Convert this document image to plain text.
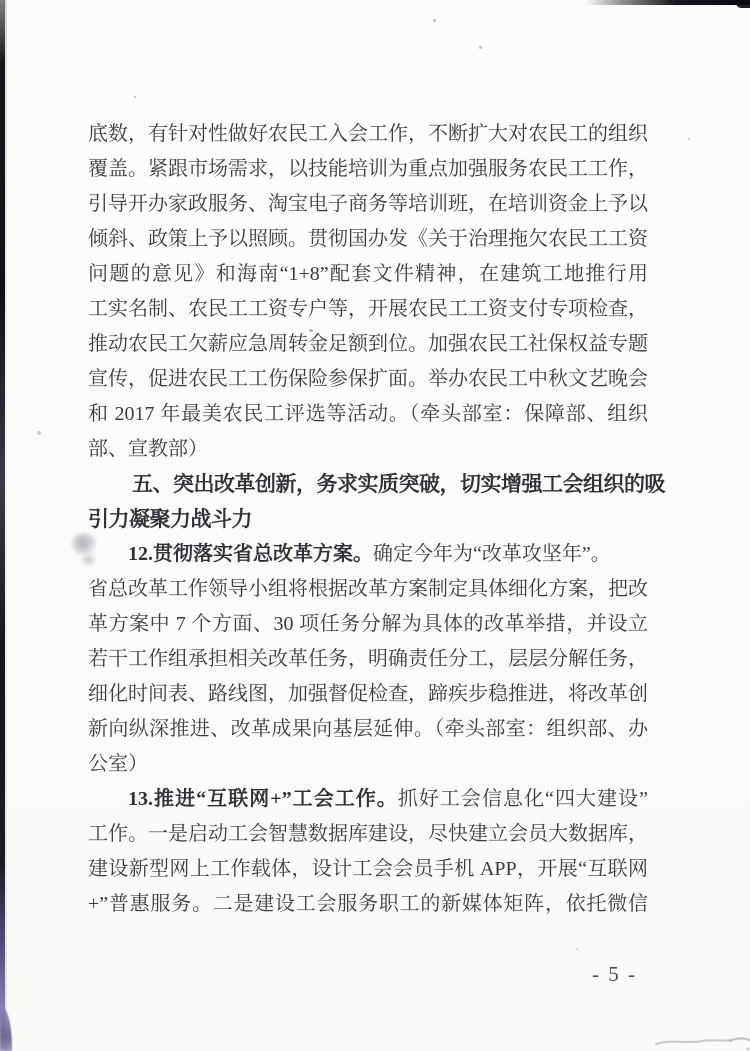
底数，有针对性做好农民工入会工作，不断扩大对农民工的组织
覆盖。紧跟市场需求，以技能培训为重点加强服务农民工工作，
引导开办家政服务、淘宝电子商务等培训班，在培训资金上予以
倾斜、政策上予以照顾。贯彻国办发《关于治理拖欠农民工工资
问题的意见》和海南“1+8”配套文件精神，在建筑工地推行用
工实名制、农民工工资专户等，开展农民工工资支付专项检查，
推动农民工欠薪应急周转金足额到位。加强农民工社保权益专题
宣传，促进农民工工伤保险参保扩面。举办农民工中秋文艺晚会
和 2017 年最美农民工评选等活动。（牵头部室：保障部、组织
部、宣教部）
五、突出改革创新，务求实质突破，切实增强工会组织的吸
引力凝聚力战斗力
12.贯彻落实省总改革方案。确定今年为“改革攻坚年”。
省总改革工作领导小组将根据改革方案制定具体细化方案，把改
革方案中 7 个方面、30 项任务分解为具体的改革举措，并设立
若干工作组承担相关改革任务，明确责任分工，层层分解任务，
细化时间表、路线图，加强督促检查，蹄疾步稳推进，将改革创
新向纵深推进、改革成果向基层延伸。（牵头部室：组织部、办
公室）
13.推进“互联网+”工会工作。抓好工会信息化“四大建设”
工作。一是启动工会智慧数据库建设，尽快建立会员大数据库，
建设新型网上工作载体，设计工会会员手机 APP，开展“互联网
+”普惠服务。二是建设工会服务职工的新媒体矩阵，依托微信
- 5 -
